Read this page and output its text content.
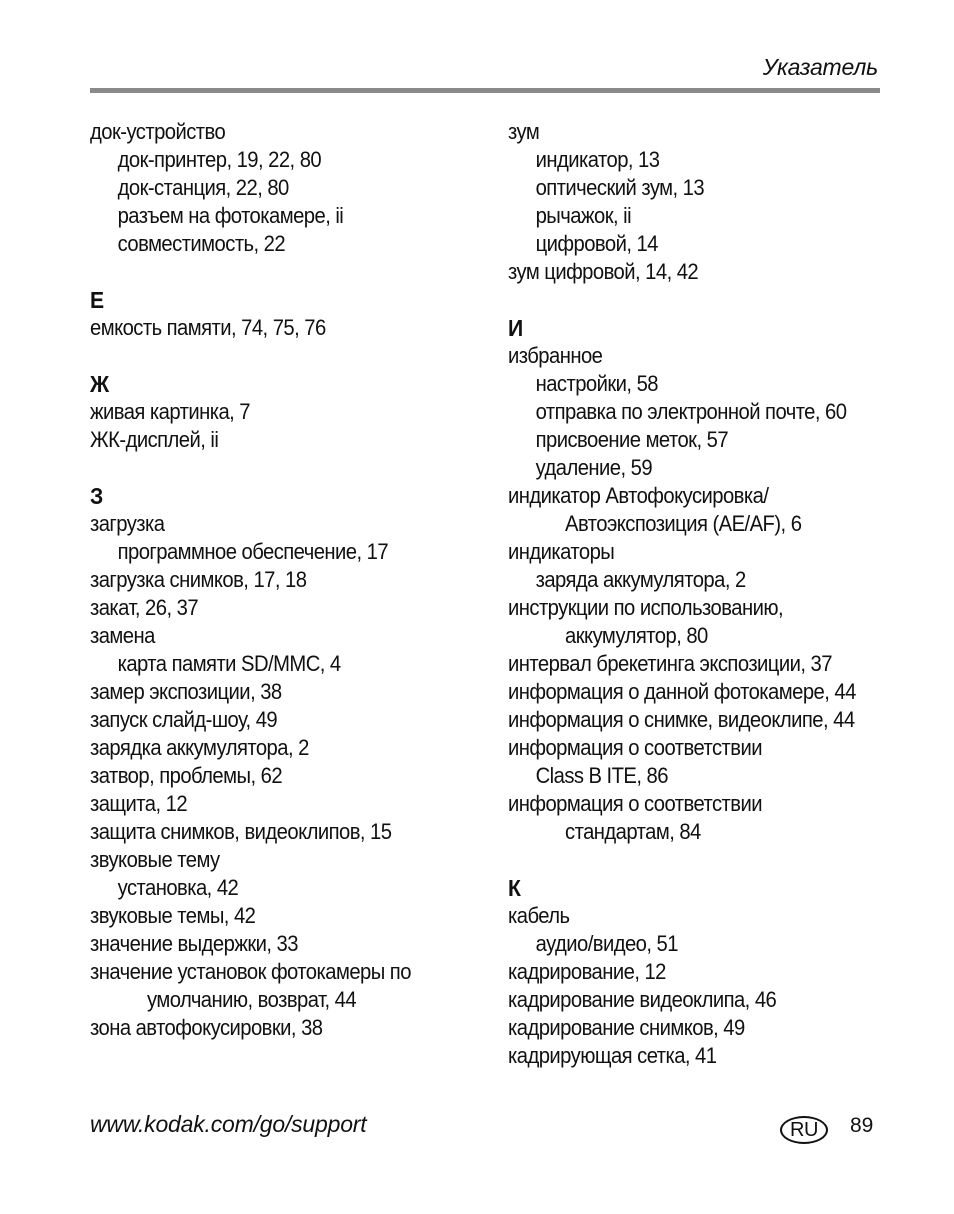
Указатель
док-устройство
док-принтер, 19, 22, 80
док-станция, 22, 80
разъем на фотокамере, ii
совместимость, 22
Е
емкость памяти, 74, 75, 76
Ж
живая картинка, 7
ЖК-дисплей, ii
З
загрузка
программное обеспечение, 17
загрузка снимков, 17, 18
закат, 26, 37
замена
карта памяти SD/MMC, 4
замер экспозиции, 38
запуск слайд-шоу, 49
зарядка аккумулятора, 2
затвор, проблемы, 62
защита, 12
защита снимков, видеоклипов, 15
звуковые тему
установка, 42
звуковые темы, 42
значение выдержки, 33
значение установок фотокамеры по
умолчанию, возврат, 44
зона автофокусировки, 38
зум
индикатор, 13
оптический зум, 13
рычажок, ii
цифровой, 14
зум цифровой, 14, 42
И
избранное
настройки, 58
отправка по электронной почте, 60
присвоение меток, 57
удаление, 59
индикатор Автофокусировка/
Автоэкспозиция (AE/AF), 6
индикаторы
заряда аккумулятора, 2
инструкции по использованию,
аккумулятор, 80
интервал брекетинга экспозиции, 37
информация о данной фотокамере, 44
информация о снимке, видеоклипе, 44
информация о соответствии
Class B ITE, 86
информация о соответствии
стандартам, 84
К
кабель
аудио/видео, 51
кадрирование, 12
кадрирование видеоклипа, 46
кадрирование снимков, 49
кадрирующая сетка, 41
www.kodak.com/go/support	RU	89
